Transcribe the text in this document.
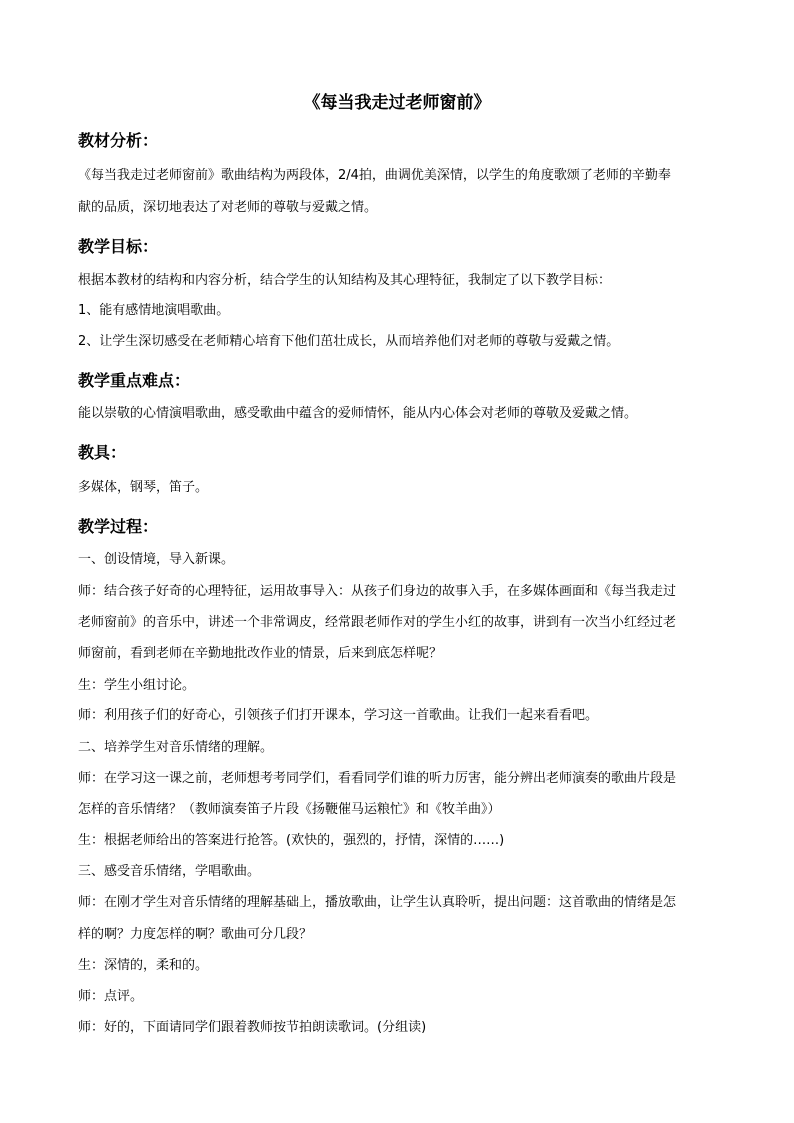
《每当我走过老师窗前》
教材分析：
《每当我走过老师窗前》歌曲结构为两段体，2/4拍，曲调优美深情，以学生的角度歌颂了老师的辛勤奉
献的品质，深切地表达了对老师的尊敬与爱戴之情。
教学目标：
根据本教材的结构和内容分析，结合学生的认知结构及其心理特征，我制定了以下教学目标：
1、能有感情地演唱歌曲。
2、让学生深切感受在老师精心培育下他们茁壮成长，从而培养他们对老师的尊敬与爱戴之情。
教学重点难点：
能以崇敬的心情演唱歌曲，感受歌曲中蕴含的爱师情怀，能从内心体会对老师的尊敬及爱戴之情。
教具：
多媒体，钢琴，笛子。
教学过程：
一、创设情境，导入新课。
师：结合孩子好奇的心理特征，运用故事导入：从孩子们身边的故事入手，在多媒体画面和《每当我走过
老师窗前》的音乐中，讲述一个非常调皮，经常跟老师作对的学生小红的故事，讲到有一次当小红经过老
师窗前，看到老师在辛勤地批改作业的情景，后来到底怎样呢？
生：学生小组讨论。
师：利用孩子们的好奇心，引领孩子们打开课本，学习这一首歌曲。让我们一起来看看吧。
二、培养学生对音乐情绪的理解。
师：在学习这一课之前，老师想考考同学们，看看同学们谁的听力厉害，能分辨出老师演奏的歌曲片段是
怎样的音乐情绪？（教师演奏笛子片段《扬鞭催马运粮忙》和《牧羊曲》）
生：根据老师给出的答案进行抢答。(欢快的，强烈的，抒情，深情的……)
三、感受音乐情绪，学唱歌曲。
师：在刚才学生对音乐情绪的理解基础上，播放歌曲，让学生认真聆听，提出问题：这首歌曲的情绪是怎
样的啊？力度怎样的啊？歌曲可分几段？
生：深情的，柔和的。
师：点评。
师：好的，下面请同学们跟着教师按节拍朗读歌词。(分组读)
